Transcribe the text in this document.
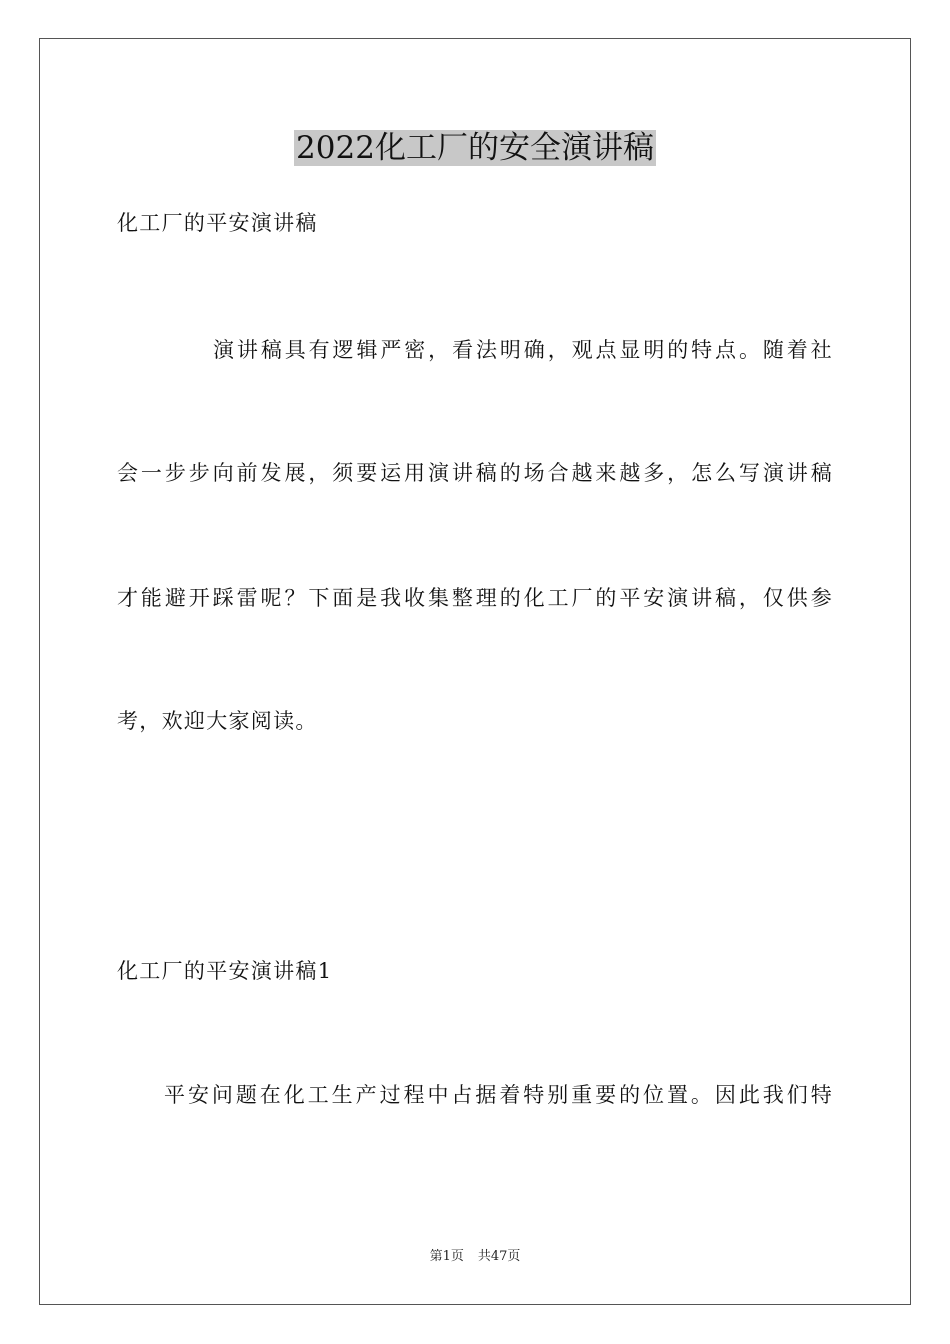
2022化工厂的安全演讲稿
化工厂的平安演讲稿
演讲稿具有逻辑严密，看法明确，观点显明的特点。随着社
会一步步向前发展，须要运用演讲稿的场合越来越多，怎么写演讲稿
才能避开踩雷呢？下面是我收集整理的化工厂的平安演讲稿，仅供参
考，欢迎大家阅读。
化工厂的平安演讲稿1
平安问题在化工生产过程中占据着特别重要的位置。因此我们特
第1页 共47页
